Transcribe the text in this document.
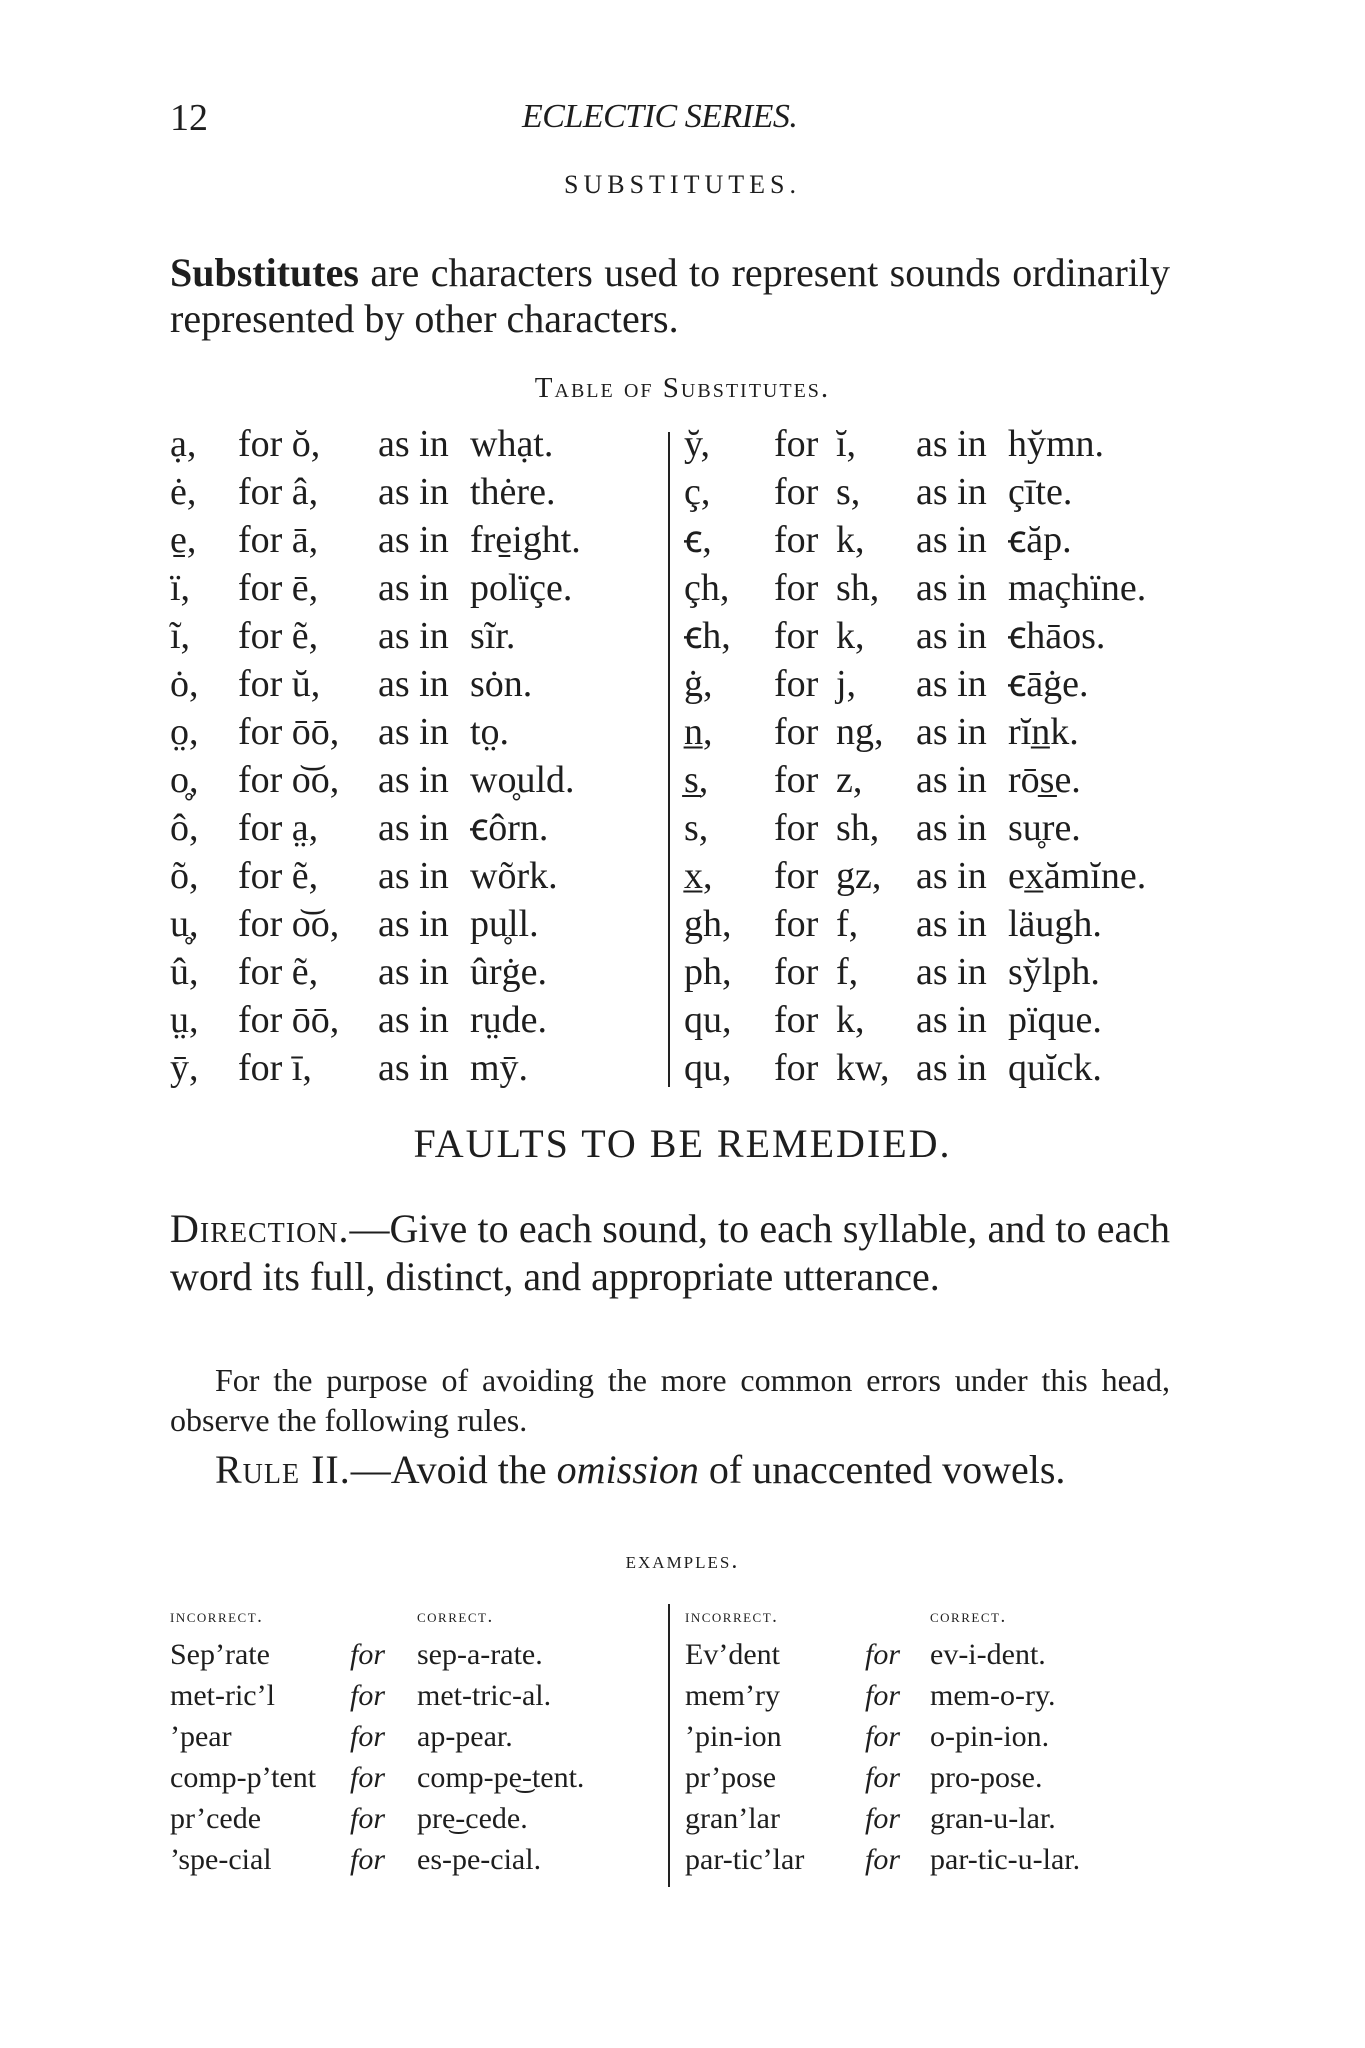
12	ECLECTIC SERIES.
SUBSTITUTES.
Substitutes are characters used to represent sounds ordinarily represented by other characters.
Table of Substitutes.
ạ, for ŏ, as in whạt.
ė, for â, as in thėre.
e̱, for ā, as in fre̱ight.
ï, for ē, as in polïçe.
ĩ, for ẽ, as in sĩr.
ȯ, for ŭ, as in sȯn.
o̤, for ōō, as in to̤.
o̥, for o͝o, as in wo̥uld.
ô, for a̤, as in ꞓôrn.
õ, for ẽ, as in wõrk.
u̥, for o͝o, as in pu̥ll.
û, for ẽ, as in ûrġe.
ṳ, for ōō, as in rṳde.
ȳ, for ī, as in mȳ.
y̆, for ĭ, as in hy̆mn.
ç, for s, as in çīte.
ꞓ, for k, as in ꞓăp.
çh, for sh, as in maçhïne.
ꞓh, for k, as in ꞓhāos.
ġ, for j, as in ꞓāġe.
n̲, for ng, as in rĭn̲k.
s̲, for z, as in rōs̲e.
s, for sh, as in su̥re.
x̲, for gz, as in ex̲ămĭne.
gh, for f, as in läugh.
ph, for f, as in sy̆lph.
qu, for k, as in pïque.
qu, for kw, as in quĭck.
FAULTS TO BE REMEDIED.
Direction.—Give to each sound, to each syllable, and to each word its full, distinct, and appropriate utterance.
For the purpose of avoiding the more common errors under this head, observe the following rules.
Rule II.—Avoid the omission of unaccented vowels.
examples.
incorrect.	correct.
Sep’rate	for sep-a-rate.
met-ric’l	for met-tric-al.
’pear	for ap-pear.
comp-p’tent for comp-pe͜-tent.
pr’cede	for pre͜-cede.
’spe-cial	for es-pe-cial.
incorrect.	correct.
Ev’dent	for ev-i-dent.
mem’ry	for mem-o-ry.
’pin-ion	for o-pin-ion.
pr’pose	for pro-pose.
gran’lar	for gran-u-lar.
par-tic’lar for par-tic-u-lar.
